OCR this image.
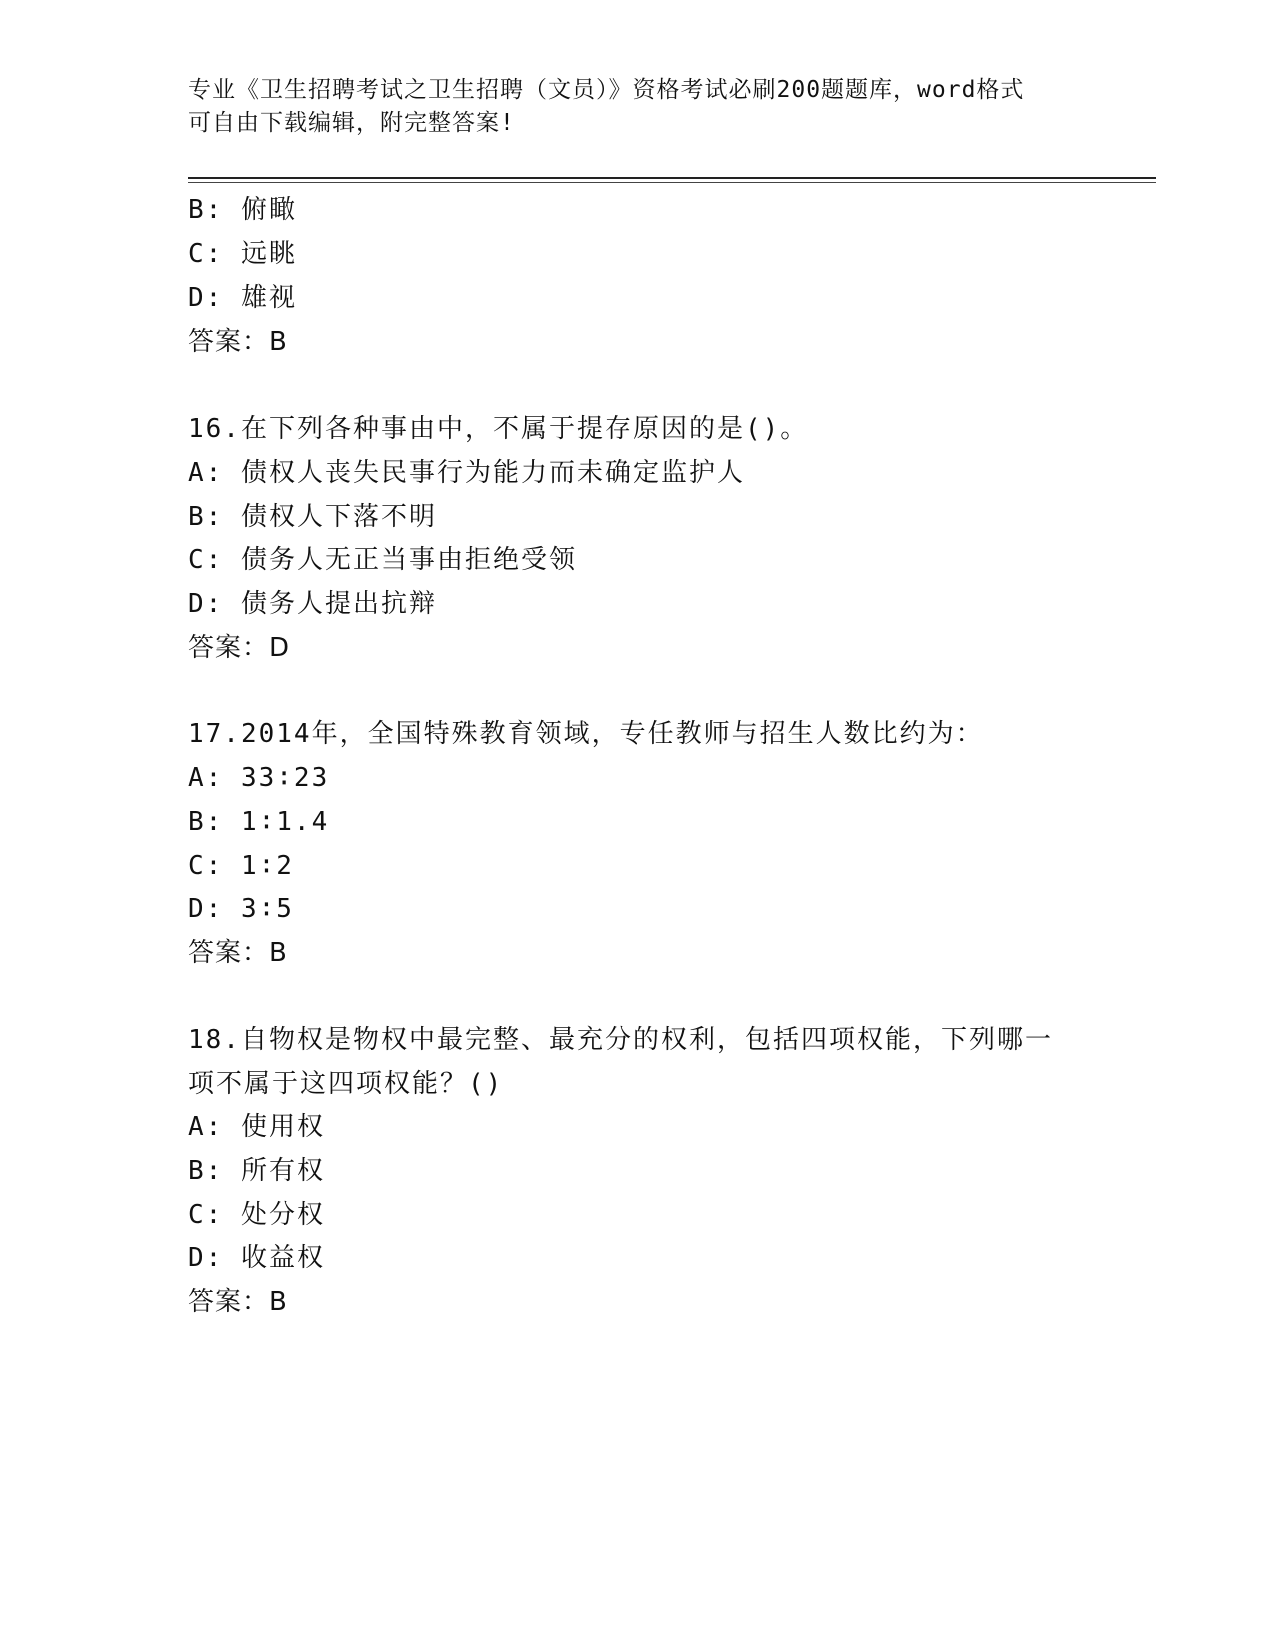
专业《卫生招聘考试之卫生招聘（文员）》资格考试必刷200题题库，word格式
可自由下载编辑，附完整答案!
B: 俯瞰
C: 远眺
D: 雄视
答案：B
16.在下列各种事由中，不属于提存原因的是()。
A: 债权人丧失民事行为能力而未确定监护人
B: 债权人下落不明
C: 债务人无正当事由拒绝受领
D: 债务人提出抗辩
答案：D
17.2014年，全国特殊教育领域，专任教师与招生人数比约为：
A: 33∶23
B: 1∶1.4
C: 1∶2
D: 3∶5
答案：B
18.自物权是物权中最完整、最充分的权利，包括四项权能，下列哪一
项不属于这四项权能？()
A: 使用权
B: 所有权
C: 处分权
D: 收益权
答案：B
